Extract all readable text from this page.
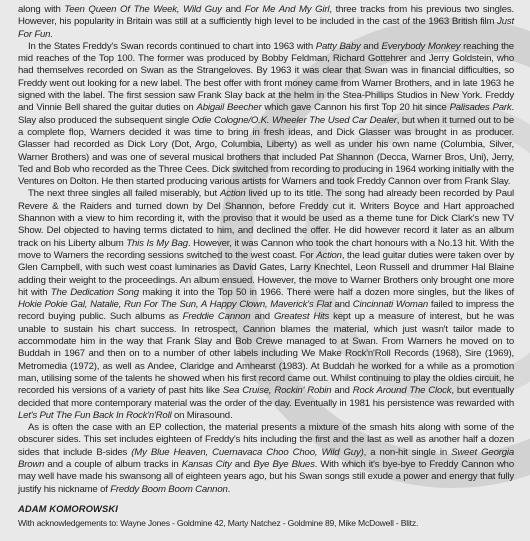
along with Teen Queen Of The Week, Wild Guy and For Me And My Girl, three tracks from his previous two singles. However, his popularity in Britain was still at a sufficiently high level to be included in the cast of the 1963 British film Just For Fun.

In the States Freddy's Swan records continued to chart into 1963 with Patty Baby and Everybody Monkey reaching the mid reaches of the Top 100. The former was produced by Bobby Feldman, Richard Gottehrer and Jerry Goldstein, who had themselves recorded on Swan as the Strangeloves. By 1963 it was clear that Swan was in financial difficulties, so Freddy went out looking for a new label. The best offer with front money came from Warner Brothers, and in late 1963 he signed with the label. The first session saw Frank Slay back at the helm in the Stea-Phillips Studios in New York. Freddy and Vinnie Bell shared the guitar duties on Abigail Beecher which gave Cannon his first Top 20 hit since Palisades Park. Slay also produced the subsequent single Odie Cologne/O.K. Wheeler The Used Car Dealer, but when it turned out to be a complete flop, Warners decided it was time to bring in fresh ideas, and Dick Glasser was brought in as producer. Glasser had recorded as Dick Lory (Dot, Argo, Columbia, Liberty) as well as under his own name (Columbia, Silver, Warner Brothers) and was one of several musical brothers that included Pat Shannon (Decca, Warner Bros, Uni), Jerry, Ted and Bob who recorded as the Three Cees. Dick switched from recording to producing in 1964 working initially with the Ventures on Dolton. He then started producing various artists for Warners and took Freddy Cannon over from Frank Slay.

The next three singles all failed miserably, but Action lived up to its title. The song had already been recorded by Paul Revere & the Raiders and turned down by Del Shannon, before Freddy cut it. Writers Boyce and Hart approached Shannon with a view to him recording it, with the proviso that it would be used as a theme tune for Dick Clark's new TV Show. Del objected to having terms dictated to him, and declined the offer. He did however record it later as an album track on his Liberty album This Is My Bag. However, it was Cannon who took the chart honours with a No.13 hit. With the move to Warners the recording sessions switched to the west coast. For Action, the lead guitar duties were taken over by Glen Campbell, with such west coast luminaries as David Gates, Larry Knechtel, Leon Russell and drummer Hal Blaine adding their weight to the proceedings. An album ensued. However, the move to Warner Brothers only brought one more hit with The Dedication Song making it into the Top 50 in 1966. There were half a dozen more singles, but the likes of Hokie Pokie Gal, Natalie, Run For The Sun, A Happy Clown, Maverick's Flat and Cincinnati Woman failed to impress the record buying public. Such albums as Freddie Cannon and Greatest Hits kept up a measure of interest, but he was unable to sustain his chart success. In retrospect, Cannon blames the material, which just wasn't tailor made to accommodate him in the way that Frank Slay and Bob Crewe managed to at Swan. From Warners he moved on to Buddah in 1967 and then on to a number of other labels including We Make Rock'n'Roll Records (1968), Sire (1969), Metromedia (1972), as well as Andee, Claridge and Amhearst (1983). At Buddah he worked for a while as a promotion man, utilising some of the talents he showed when his first record came out. Whilst continuing to play the oldies circuit, he recorded his versions of a variety of past hits like Sea Cruise, Rockin' Robin and Rock Around The Clock, but eventually decided that more contemporary material was the order of the day. Eventually in 1981 his persistence was rewarded with Let's Put The Fun Back In Rock'n'Roll on Mirasound.

As is often the case with an EP collection, the material presents a mixture of the smash hits along with some of the obscurer sides. This set includes eighteen of Freddy's hits including the first and the last as well as another half a dozen sides that include B-sides (My Blue Heaven, Cuernavaca Choo Choo, Wild Guy), a non-hit single in Sweet Georgia Brown and a couple of album tracks in Kansas City and Bye Bye Blues. With which it's bye-bye to Freddy Cannon who may well have made his swansong all of eighteen years ago, but his Swan songs still exude a power and energy that fully justify his nickname of Freddy Boom Boom Cannon.

ADAM KOMOROWSKI

With acknowledgements to: Wayne Jones - Goldmine 42, Marty Natchez - Goldmine 89, Mike McDowell - Blitz.
